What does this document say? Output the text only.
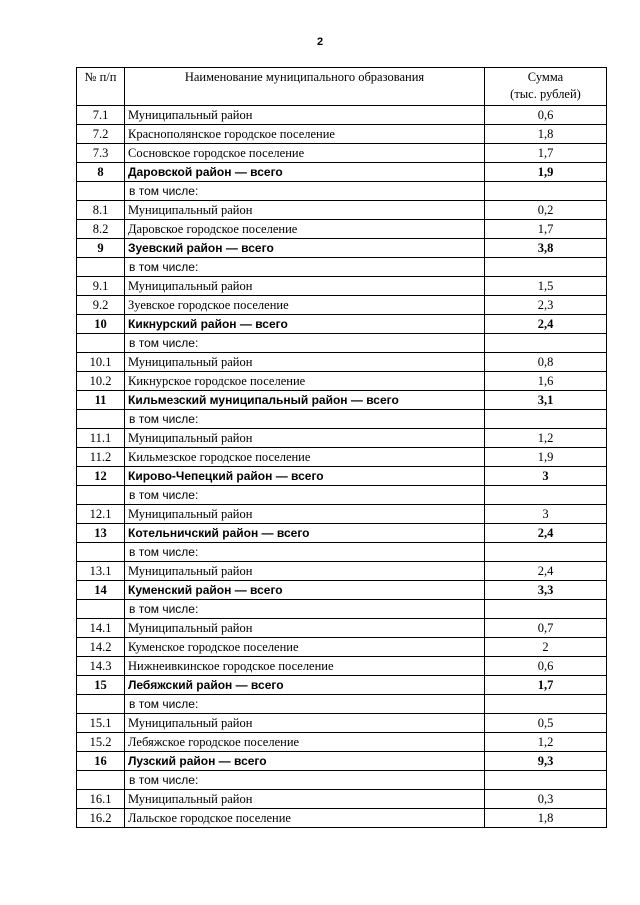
2
№ п/п	Наименование муниципального образования	Сумма
(тыс. рублей)
7.1	Муниципальный район	0,6
7.2	Краснополянское городское поселение	1,8
7.3	Сосновское городское поселение	1,7
8	Даровской район — всего	1,9
	в том числе:	
8.1	Муниципальный район	0,2
8.2	Даровское городское поселение	1,7
9	Зуевский район — всего	3,8
	в том числе:	
9.1	Муниципальный район	1,5
9.2	Зуевское городское поселение	2,3
10	Кикнурский район — всего	2,4
	в том числе:	
10.1	Муниципальный район	0,8
10.2	Кикнурское городское поселение	1,6
11	Кильмезский муниципальный район — всего	3,1
	в том числе:	
11.1	Муниципальный район	1,2
11.2	Кильмезское городское поселение	1,9
12	Кирово-Чепецкий район — всего	3
	в том числе:	
12.1	Муниципальный район	3
13	Котельничский район — всего	2,4
	в том числе:	
13.1	Муниципальный район	2,4
14	Куменский район — всего	3,3
	в том числе:	
14.1	Муниципальный район	0,7
14.2	Куменское городское поселение	2
14.3	Нижнеивкинское городское поселение	0,6
15	Лебяжский район — всего	1,7
	в том числе:	
15.1	Муниципальный район	0,5
15.2	Лебяжское городское поселение	1,2
16	Лузский район — всего	9,3
	в том числе:	
16.1	Муниципальный район	0,3
16.2	Лальское городское поселение	1,8
